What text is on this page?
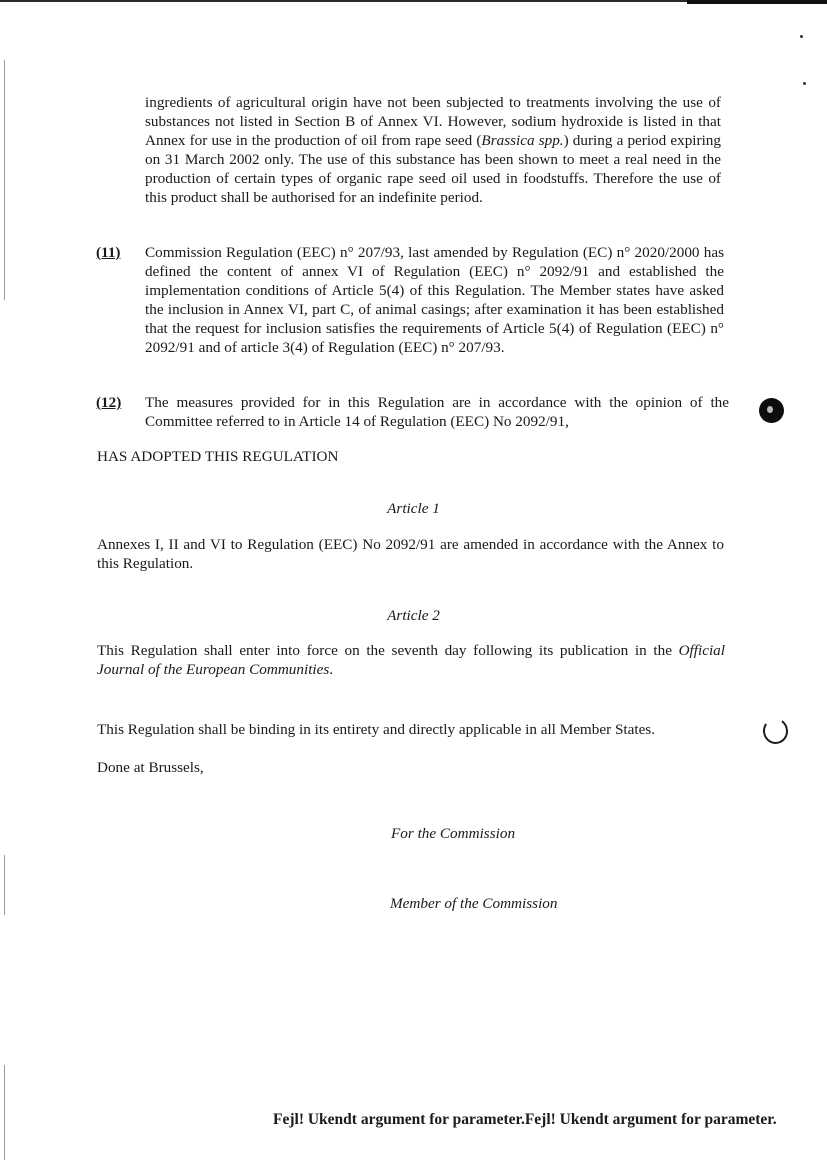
ingredients of agricultural origin have not been subjected to treatments involving the use of substances not listed in Section B of Annex VI. However, sodium hydroxide is listed in that Annex for use in the production of oil from rape seed (Brassica spp.) during a period expiring on 31 March 2002 only. The use of this substance has been shown to meet a real need in the production of certain types of organic rape seed oil used in foodstuffs. Therefore the use of this product shall be authorised for an indefinite period.

(11) Commission Regulation (EEC) n° 207/93, last amended by Regulation (EC) n° 2020/2000 has defined the content of annex VI of Regulation (EEC) n° 2092/91 and established the implementation conditions of Article 5(4) of this Regulation. The Member states have asked the inclusion in Annex VI, part C, of animal casings; after examination it has been established that the request for inclusion satisfies the requirements of Article 5(4) of Regulation (EEC) n° 2092/91 and of article 3(4) of Regulation (EEC) n° 207/93.

(12) The measures provided for in this Regulation are in accordance with the opinion of the Committee referred to in Article 14 of Regulation (EEC) No 2092/91,

HAS ADOPTED THIS REGULATION
Article 1

Annexes I, II and VI to Regulation (EEC) No 2092/91 are amended in accordance with the Annex to this Regulation.

Article 2

This Regulation shall enter into force on the seventh day following its publication in the Official Journal of the European Communities.

This Regulation shall be binding in its entirety and directly applicable in all Member States.

Done at Brussels,

For the Commission
Member of the Commission
Fejl! Ukendt argument for parameter.Fejl! Ukendt argument for parameter.
